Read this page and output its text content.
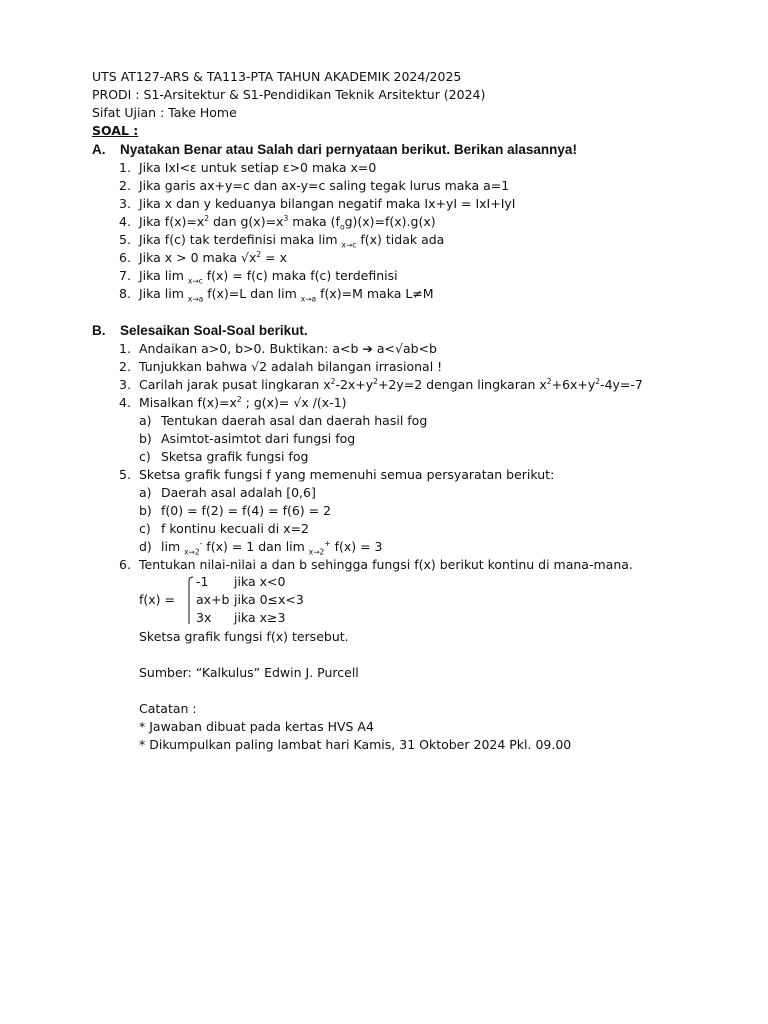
UTS AT127-ARS & TA113-PTA TAHUN AKADEMIK 2024/2025
PRODI : S1-Arsitektur & S1-Pendidikan Teknik Arsitektur (2024)
Sifat Ujian : Take Home
SOAL :
A. Nyatakan Benar atau Salah dari pernyataan berikut. Berikan alasannya!
1. Jika IxI<ε untuk setiap ε>0 maka x=0
2. Jika garis ax+y=c dan ax-y=c saling tegak lurus maka a=1
3. Jika x dan y keduanya bilangan negatif maka Ix+yI = IxI+IyI
4. Jika $f(x)=x^2$ dan $g(x)=x^3$ maka $(f_og)(x)=f(x).g(x)$
5. Jika f(c) tak terdefinisi maka lim $_{x\to c}$ f(x) tidak ada
6. Jika x > 0 maka $√x^2 = x$
7. Jika lim $_{x\to c}$ f(x) = f(c) maka f(c) terdefinisi
8. Jika lim $_{x\to a}$ f(x)=L dan lim $_{x\to a}$ f(x)=M maka L≠M
B. Selesaikan Soal-Soal berikut.
1. Andaikan a>0, b>0. Buktikan: a<b ➔ a<√ab<b
2. Tunjukkan bahwa √2 adalah bilangan irrasional !
3. Carilah jarak pusat lingkaran $x^2-2x+y^2+2y=2$ dengan lingkaran $x^2+6x+y^2-4y=-7$
4. Misalkan $f(x)=x^2$ ; g(x)= √x /(x-1)
a) Tentukan daerah asal dan daerah hasil fog
b) Asimtot-asimtot dari fungsi fog
c) Sketsa grafik fungsi fog
5. Sketsa grafik fungsi f yang memenuhi semua persyaratan berikut:
a) Daerah asal adalah [0,6]
b) f(0) = f(2) = f(4) = f(6) = 2
c) f kontinu kecuali di x=2
d) lim $_{x\to 2}$- f(x) = 1 dan lim $_{x\to 2}$+ f(x) = 3
6. Tentukan nilai-nilai a dan b sehingga fungsi f(x) berikut kontinu di mana-mana.
f(x) =
-1 jika x<0
ax+b jika 0≤x<3
3x jika x≥3
Sketsa grafik fungsi f(x) tersebut.
Sumber: “Kalkulus” Edwin J. Purcell
Catatan :
* Jawaban dibuat pada kertas HVS A4
* Dikumpulkan paling lambat hari Kamis, 31 Oktober 2024 Pkl. 09.00
